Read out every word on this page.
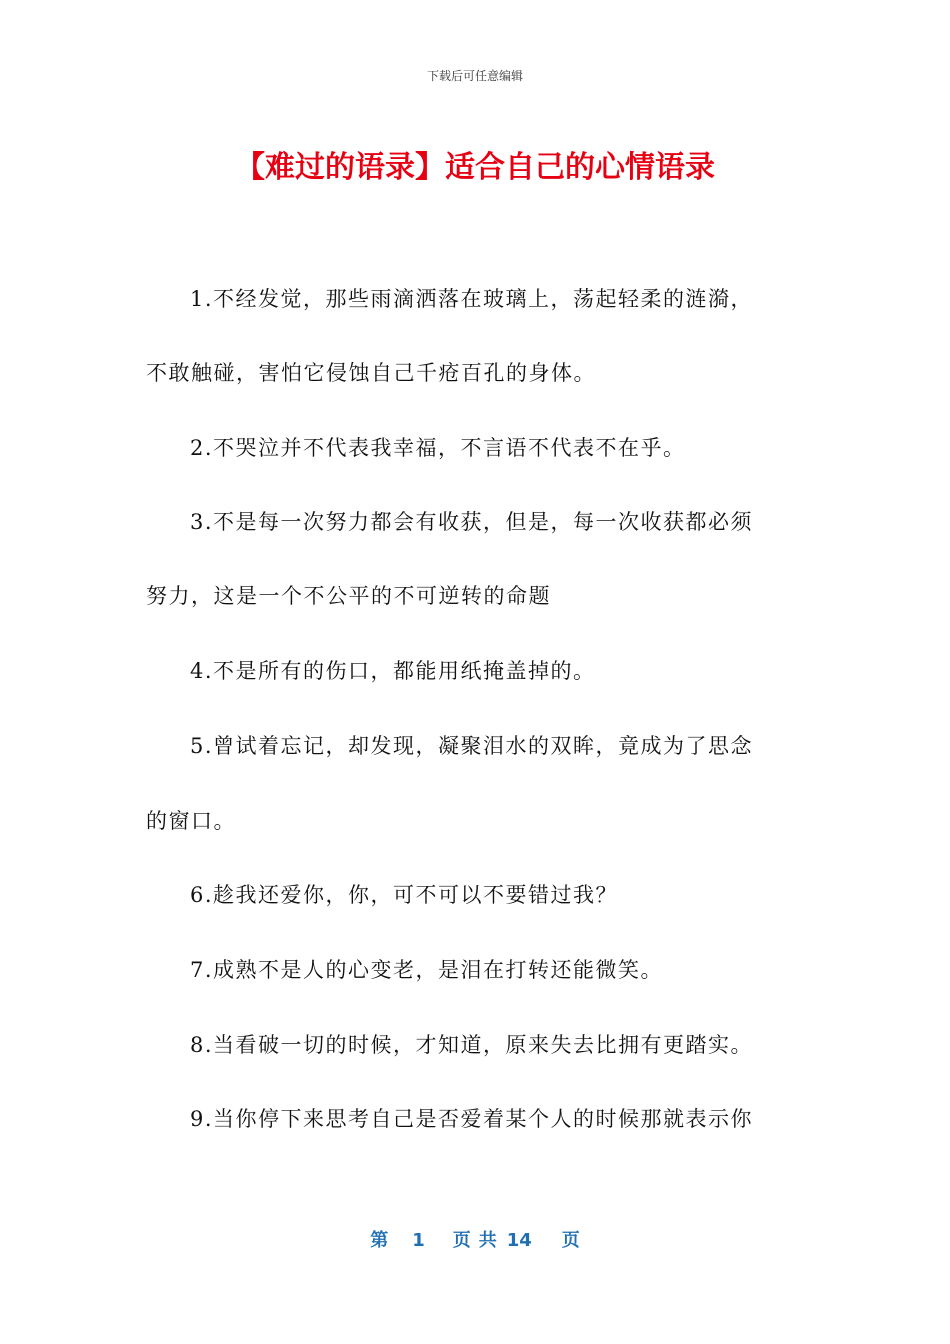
下载后可任意编辑
【难过的语录】适合自己的心情语录
1.不经发觉，那些雨滴洒落在玻璃上，荡起轻柔的涟漪，
不敢触碰，害怕它侵蚀自己千疮百孔的身体。
2.不哭泣并不代表我幸福，不言语不代表不在乎。
3.不是每一次努力都会有收获，但是，每一次收获都必须
努力，这是一个不公平的不可逆转的命题
4.不是所有的伤口，都能用纸掩盖掉的。
5.曾试着忘记，却发现，凝聚泪水的双眸，竟成为了思念
的窗口。
6.趁我还爱你，你，可不可以不要错过我？
7.成熟不是人的心变老，是泪在打转还能微笑。
8.当看破一切的时候，才知道，原来失去比拥有更踏实。
9.当你停下来思考自己是否爱着某个人的时候那就表示你
第 1 页 共 14 页
